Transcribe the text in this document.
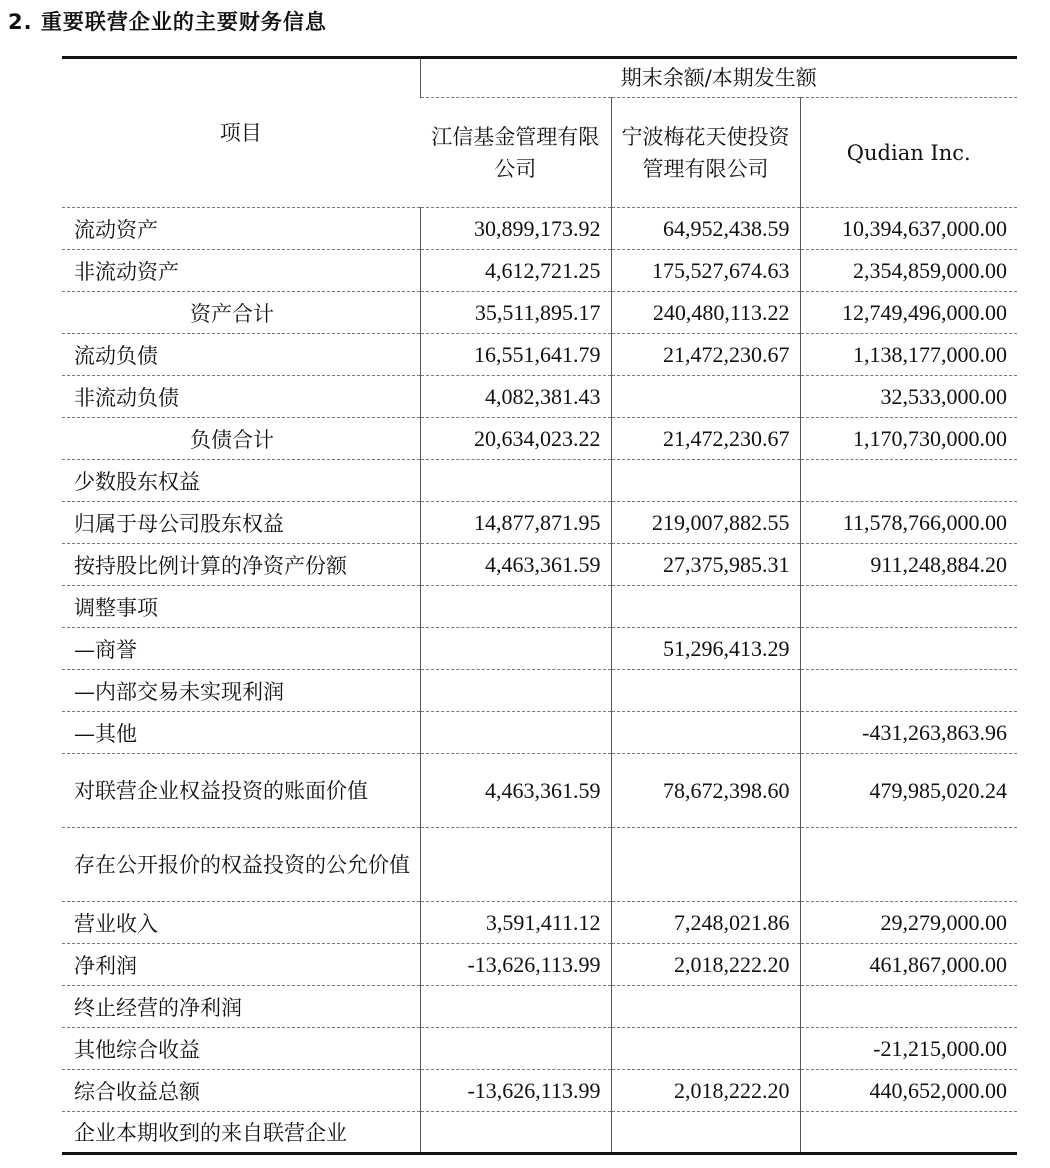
2. 重要联营企业的主要财务信息
项目	期末余额/本期发生额		
	江信基金管理有限公司	宁波梅花天使投资管理有限公司	Qudian Inc.
流动资产	30,899,173.92	64,952,438.59	10,394,637,000.00
非流动资产	4,612,721.25	175,527,674.63	2,354,859,000.00
资产合计	35,511,895.17	240,480,113.22	12,749,496,000.00
流动负债	16,551,641.79	21,472,230.67	1,138,177,000.00
非流动负债	4,082,381.43		32,533,000.00
负债合计	20,634,023.22	21,472,230.67	1,170,730,000.00
少数股东权益			
归属于母公司股东权益	14,877,871.95	219,007,882.55	11,578,766,000.00
按持股比例计算的净资产份额	4,463,361.59	27,375,985.31	911,248,884.20
调整事项			
—商誉		51,296,413.29	
—内部交易未实现利润			
—其他			-431,263,863.96
对联营企业权益投资的账面价值	4,463,361.59	78,672,398.60	479,985,020.24
存在公开报价的权益投资的公允价值			
营业收入	3,591,411.12	7,248,021.86	29,279,000.00
净利润	-13,626,113.99	2,018,222.20	461,867,000.00
终止经营的净利润			
其他综合收益			-21,215,000.00
综合收益总额	-13,626,113.99	2,018,222.20	440,652,000.00
企业本期收到的来自联营企业			
